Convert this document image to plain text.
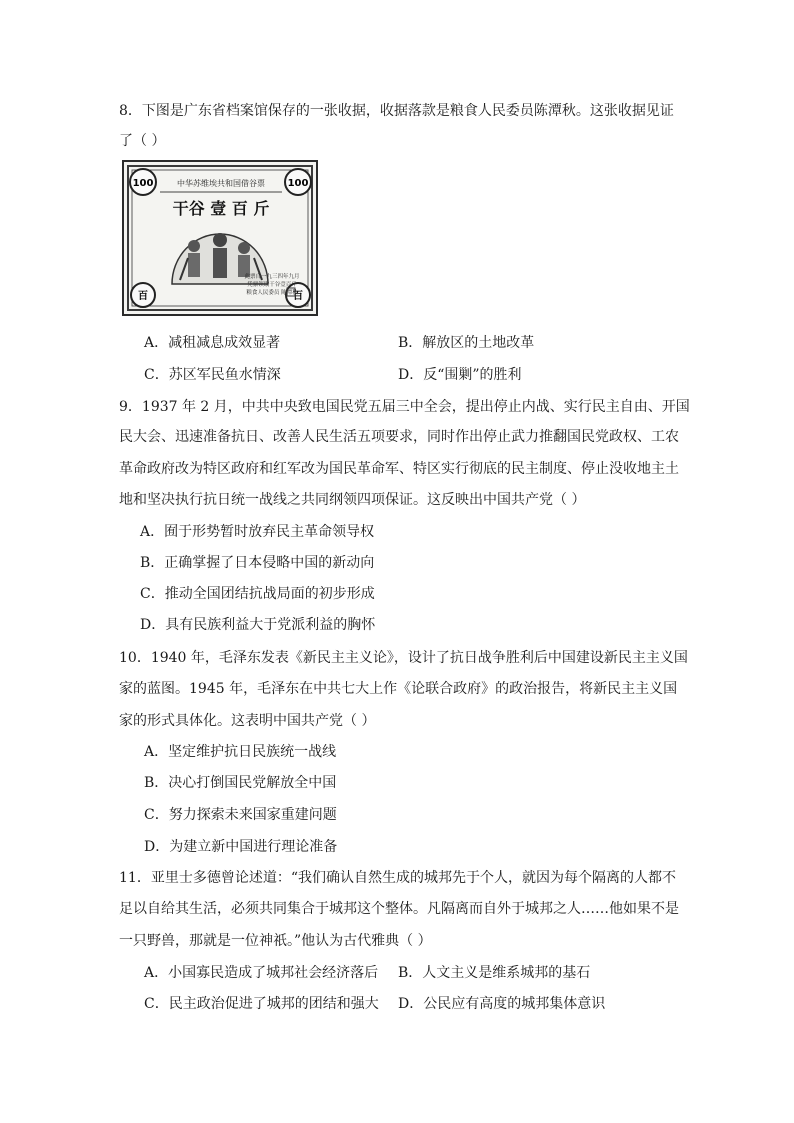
8．下图是广东省档案馆保存的一张收据，收据落款是粮食人民委员陈潭秋。这张收据见证
了（ ）
100	100
百	百
中华苏维埃共和国借谷票
干谷 壹 百 斤
此票自一九三四年九月
凭票领取干谷壹百斤
粮食人民委员 陈潭秋
A．减租减息成效显著	B．解放区的土地改革
C．苏区军民鱼水情深	D．反“围剿”的胜利
9．1937 年 2 月，中共中央致电国民党五届三中全会，提出停止内战、实行民主自由、开国
民大会、迅速准备抗日、改善人民生活五项要求，同时作出停止武力推翻国民党政权、工农
革命政府改为特区政府和红军改为国民革命军、特区实行彻底的民主制度、停止没收地主土
地和坚决执行抗日统一战线之共同纲领四项保证。这反映出中国共产党（ ）
A．囿于形势暂时放弃民主革命领导权
B．正确掌握了日本侵略中国的新动向
C．推动全国团结抗战局面的初步形成
D．具有民族利益大于党派利益的胸怀
10．1940 年，毛泽东发表《新民主主义论》，设计了抗日战争胜利后中国建设新民主主义国
家的蓝图。1945 年，毛泽东在中共七大上作《论联合政府》的政治报告，将新民主主义国
家的形式具体化。这表明中国共产党（ ）
A．坚定维护抗日民族统一战线
B．决心打倒国民党解放全中国
C．努力探索未来国家重建问题
D．为建立新中国进行理论准备
11．亚里士多德曾论述道：“我们确认自然生成的城邦先于个人，就因为每个隔离的人都不
足以自给其生活，必须共同集合于城邦这个整体。凡隔离而自外于城邦之人……他如果不是
一只野兽，那就是一位神祇。”他认为古代雅典（ ）
A．小国寡民造成了城邦社会经济落后 B．人文主义是维系城邦的基石
C．民主政治促进了城邦的团结和强大 D．公民应有高度的城邦集体意识
